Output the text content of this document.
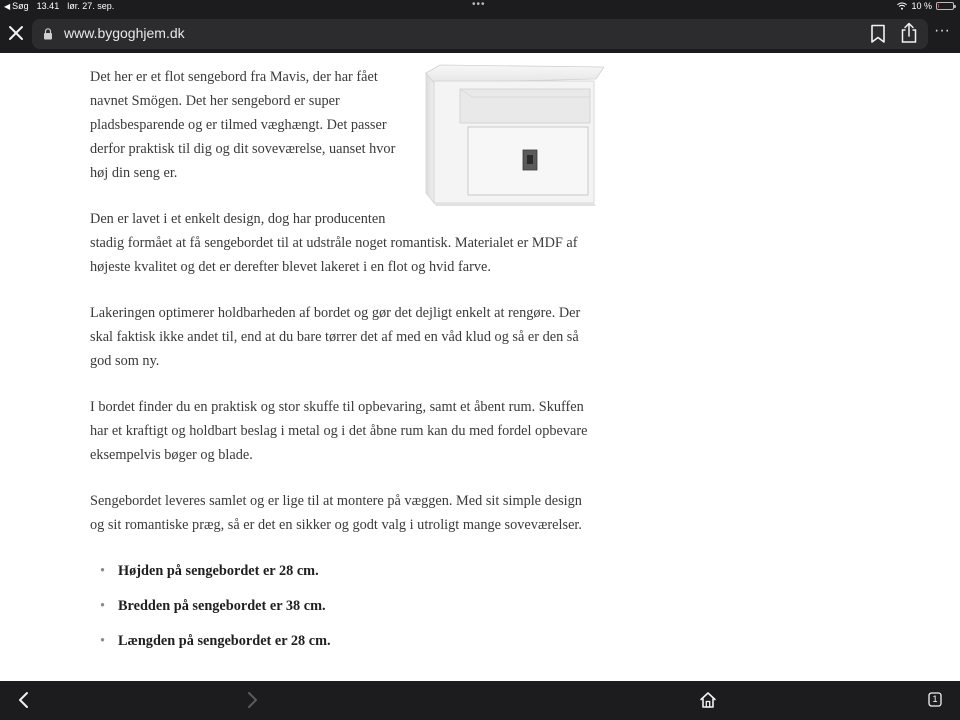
◀ Søg 13.41 lør. 27. sep.	•••	10 %
www.bygoghjem.dk	···

Det her er et flot sengebord fra Mavis, der har fået navnet Smögen. Det her sengebord er super pladsbesparende og er tilmed væghængt. Det passer derfor praktisk til dig og dit soveværelse, uanset hvor høj din seng er.

Den er lavet i et enkelt design, dog har producenten stadig formået at få sengebordet til at udstråle noget romantisk. Materialet er MDF af højeste kvalitet og det er derefter blevet lakeret i en flot og hvid farve.

Lakeringen optimerer holdbarheden af bordet og gør det dejligt enkelt at rengøre. Der skal faktisk ikke andet til, end at du bare tørrer det af med en våd klud og så er den så god som ny.

I bordet finder du en praktisk og stor skuffe til opbevaring, samt et åbent rum. Skuffen har et kraftigt og holdbart beslag i metal og i det åbne rum kan du med fordel opbevare eksempelvis bøger og blade.

Sengebordet leveres samlet og er lige til at montere på væggen. Med sit simple design og sit romantiske præg, så er det en sikker og godt valg i utroligt mange soveværelser.

• Højden på sengebordet er 28 cm.
• Bredden på sengebordet er 38 cm.
• Længden på sengebordet er 28 cm.
1
